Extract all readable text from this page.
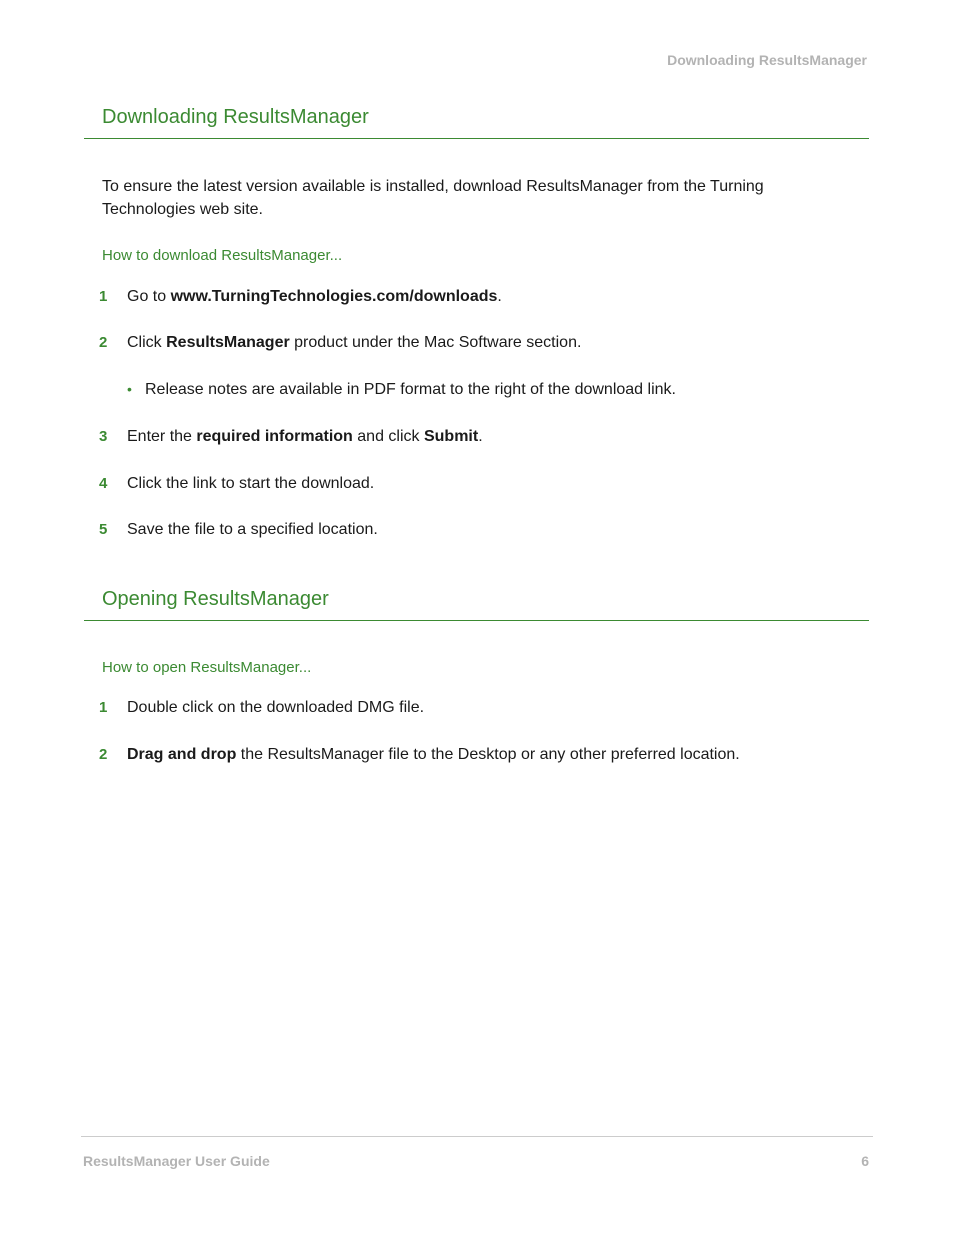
Downloading ResultsManager
Downloading ResultsManager
To ensure the latest version available is installed, download ResultsManager from the Turning Technologies web site.
How to download ResultsManager...
1 Go to www.TurningTechnologies.com/downloads.
2 Click ResultsManager product under the Mac Software section.
• Release notes are available in PDF format to the right of the download link.
3 Enter the required information and click Submit.
4 Click the link to start the download.
5 Save the file to a specified location.
Opening ResultsManager
How to open ResultsManager...
1 Double click on the downloaded DMG file.
2 Drag and drop the ResultsManager file to the Desktop or any other preferred location.
ResultsManager User Guide	6
